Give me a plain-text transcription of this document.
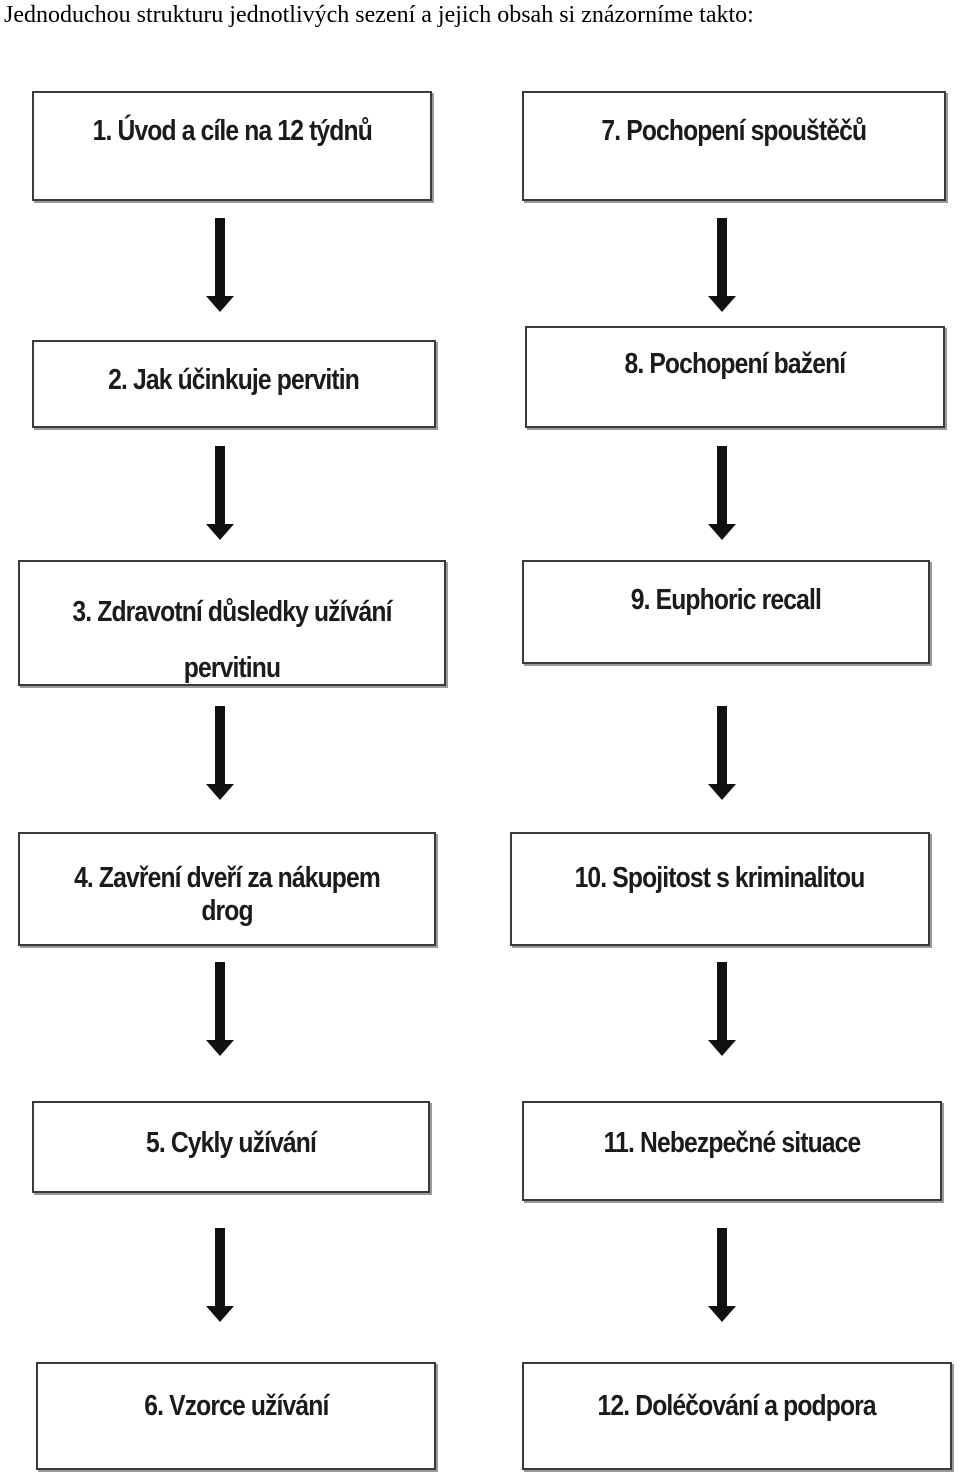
Jednoduchou strukturu jednotlivých sezení a jejich obsah si znázorníme takto:
1. Úvod a cíle na 12 týdnů
2. Jak účinkuje pervitin
3. Zdravotní důsledky užívání pervitinu
4. Zavření dveří za nákupem drog
5. Cykly užívání
6. Vzorce užívání
7. Pochopení spouštěčů
8. Pochopení bažení
9. Euphoric recall
10. Spojitost s kriminalitou
11. Nebezpečné situace
12. Doléčování a podpora
